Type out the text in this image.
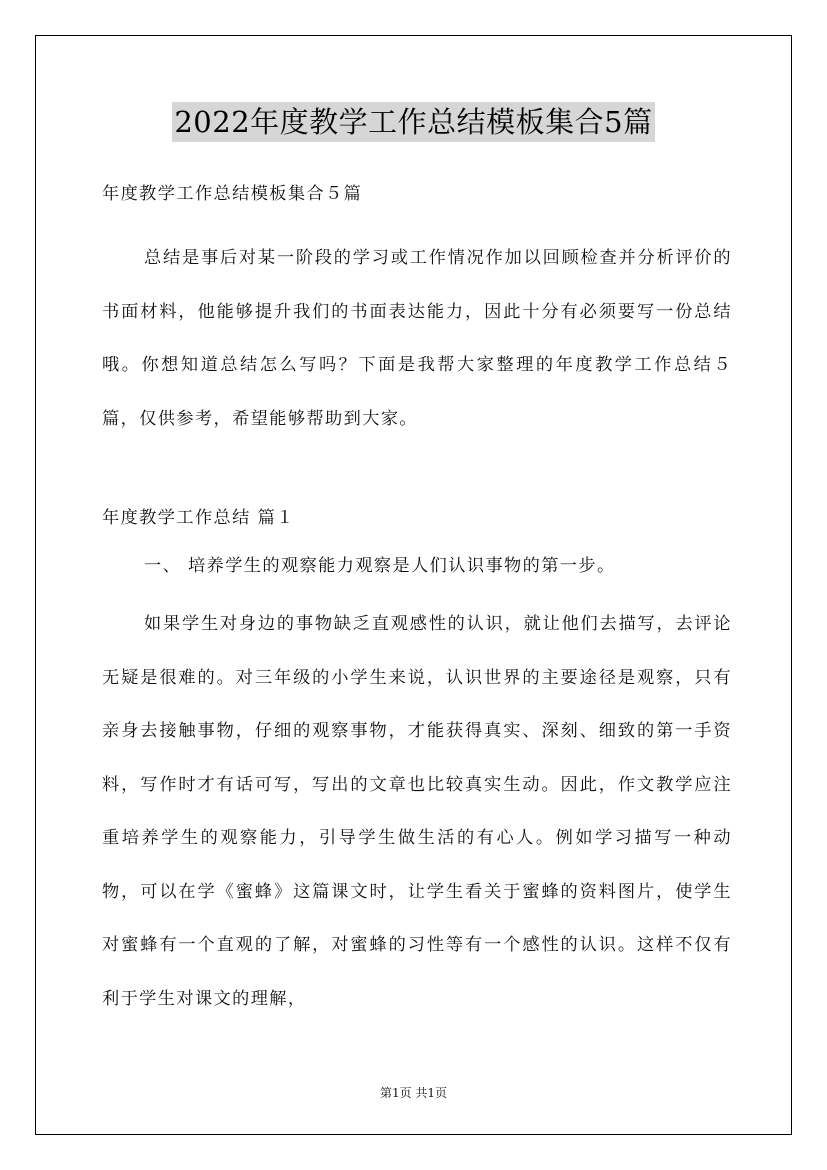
2022年度教学工作总结模板集合5篇
年度教学工作总结模板集合５篇
总结是事后对某一阶段的学习或工作情况作加以回顾检查并分析评价的书面材料，他能够提升我们的书面表达能力，因此十分有必须要写一份总结哦。你想知道总结怎么写吗？下面是我帮大家整理的年度教学工作总结５篇，仅供参考，希望能够帮助到大家。
年度教学工作总结 篇１
一、 培养学生的观察能力观察是人们认识事物的第一步。
如果学生对身边的事物缺乏直观感性的认识，就让他们去描写，去评论无疑是很难的。对三年级的小学生来说，认识世界的主要途径是观察，只有亲身去接触事物，仔细的观察事物，才能获得真实、深刻、细致的第一手资料，写作时才有话可写，写出的文章也比较真实生动。因此，作文教学应注重培养学生的观察能力，引导学生做生活的有心人。例如学习描写一种动物，可以在学《蜜蜂》这篇课文时，让学生看关于蜜蜂的资料图片，使学生对蜜蜂有一个直观的了解，对蜜蜂的习性等有一个感性的认识。这样不仅有利于学生对课文的理解，
第1页 共1页
